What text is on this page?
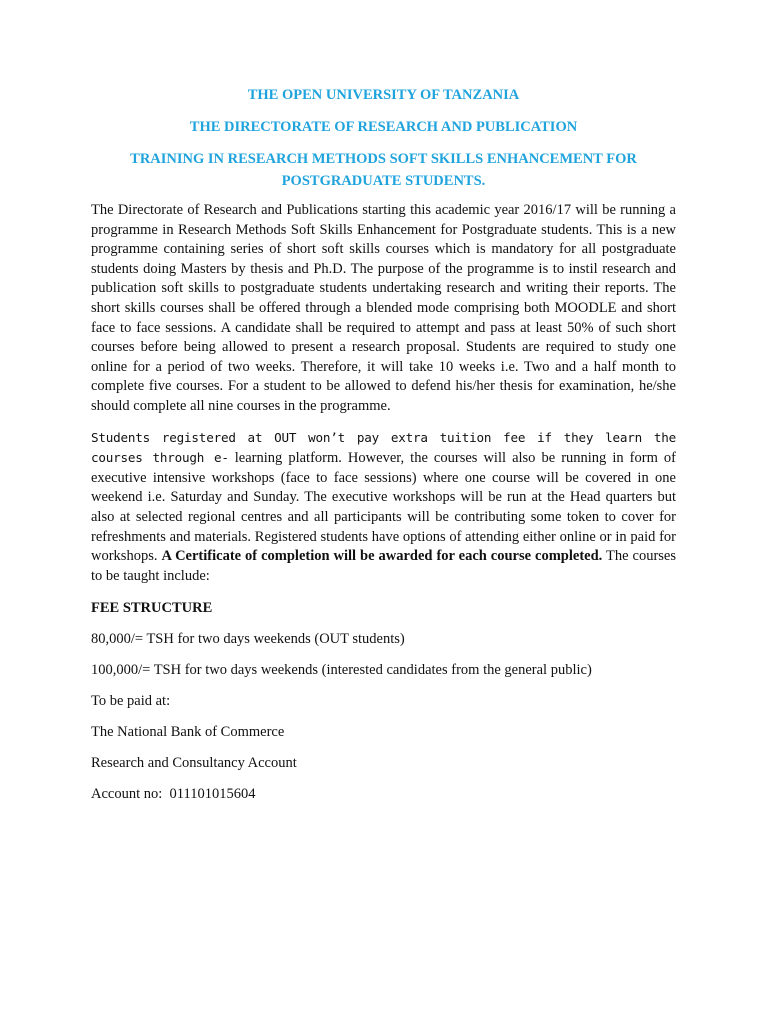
THE OPEN UNIVERSITY OF TANZANIA
THE DIRECTORATE OF RESEARCH AND PUBLICATION
TRAINING IN RESEARCH METHODS SOFT SKILLS ENHANCEMENT FOR POSTGRADUATE STUDENTS.

The Directorate of Research and Publications starting this academic year 2016/17 will be running a programme in Research Methods Soft Skills Enhancement for Postgraduate students. This is a new programme containing series of short soft skills courses which is mandatory for all postgraduate students doing Masters by thesis and Ph.D. The purpose of the programme is to instil research and publication soft skills to postgraduate students undertaking research and writing their reports. The short skills courses shall be offered through a blended mode comprising both MOODLE and short face to face sessions. A candidate shall be required to attempt and pass at least 50% of such short courses before being allowed to present a research proposal. Students are required to study one online for a period of two weeks. Therefore, it will take 10 weeks i.e. Two and a half month to complete five courses. For a student to be allowed to defend his/her thesis for examination, he/she should complete all nine courses in the programme.

Students registered at OUT won’t pay extra tuition fee if they learn the courses through e- learning platform. However, the courses will also be running in form of executive intensive workshops (face to face sessions) where one course will be covered in one weekend i.e. Saturday and Sunday. The executive workshops will be run at the Head quarters but also at selected regional centres and all participants will be contributing some token to cover for refreshments and materials. Registered students have options of attending either online or in paid for workshops. A Certificate of completion will be awarded for each course completed. The courses to be taught include:

FEE STRUCTURE
80,000/= TSH for two days weekends (OUT students)
100,000/= TSH for two days weekends (interested candidates from the general public)
To be paid at:
The National Bank of Commerce
Research and Consultancy Account
Account no:  011101015604
